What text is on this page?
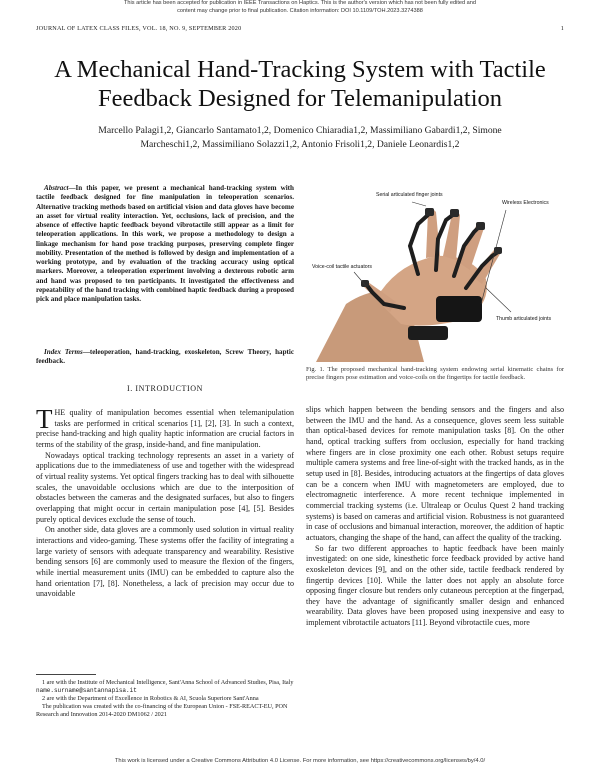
This article has been accepted for publication in IEEE Transactions on Haptics. This is the author's version which has not been fully edited and
content may change prior to final publication. Citation information: DOI 10.1109/TOH.2023.3274388
JOURNAL OF LATEX CLASS FILES, VOL. 18, NO. 9, SEPTEMBER 2020	1
A Mechanical Hand-Tracking System with Tactile
Feedback Designed for Telemanipulation
Marcello Palagi1,2, Giancarlo Santamato1,2, Domenico Chiaradia1,2, Massimiliano Gabardi1,2, Simone
Marcheschi1,2, Massimiliano Solazzi1,2, Antonio Frisoli1,2, Daniele Leonardis1,2
Abstract—In this paper, we present a mechanical hand-tracking system with tactile feedback designed for fine manipulation in teleoperation scenarios. Alternative tracking methods based on artificial vision and data gloves have become an asset for virtual reality interaction. Yet, occlusions, lack of precision, and the absence of effective haptic feedback beyond vibrotactile still appear as a limit for teleoperation applications. In this work, we propose a methodology to design a linkage mechanism for hand pose tracking purposes, preserving complete finger mobility. Presentation of the method is followed by design and implementation of a working prototype, and by evaluation of the tracking accuracy using optical markers. Moreover, a teleoperation experiment involving a dexterous robotic arm and hand was proposed to ten participants. It investigated the effectiveness and repeatability of the hand tracking with combined haptic feedback during a proposed pick and place manipulation tasks.
Index Terms—teleoperation, hand-tracking, exoskeleton, Screw Theory, haptic feedback.
Serial articulated finger joints
Wireless Electronics
Voice-coil tactile actuators
Thumb articulated joints
Fig. 1. The proposed mechanical hand-tracking system endowing serial kinematic chains for precise fingers pose estimation and voice-coils on the fingertips for tactile feedback.
I. INTRODUCTION

THE quality of manipulation becomes essential when telemanipulation tasks are performed in critical scenarios [1], [2], [3]. In such a context, precise hand-tracking and high quality haptic information are crucial factors in terms of the stability of the grasp, inside-hand, and fine manipulation.

Nowadays optical tracking technology represents an asset in a variety of applications due to the immediateness of use and together with the widespread of virtual reality systems. Yet optical fingers tracking has to deal with silhouette scales, the unavoidable occlusions which are due to the interposition of obstacles between the cameras and the designated surfaces, but also to fingers overlapping that might occur in certain manipulation pose [4], [5]. Besides purely optical devices exclude the sense of touch.

On another side, data gloves are a commonly used solution in virtual reality interactions and video-gaming. These systems offer the facility of integrating a large variety of sensors with adequate transparency and wearability. Resistive bending sensors [6] are commonly used to measure the flexion of the fingers, while inertial measurement units (IMU) can be embedded to capture also the hand orientation [7], [8]. Nonetheless, a lack of precision may occur due to unavoidable

slips which happen between the bending sensors and the fingers and also between the IMU and the hand. As a consequence, gloves seem less suitable than optical-based devices for remote manipulation tasks [8]. On the other hand, optical tracking suffers from occlusion, especially for hand tracking where fingers are in close proximity one each other. Robust setups require multiple camera systems and free line-of-sight with the tracked hands, as in the setup used in [8]. Besides, introducing actuators at the fingertips of data gloves can be a concern when IMU with magnetometers are employed, due to electromagnetic interference. A more recent technique implemented in commercial tracking systems (i.e. Ultraleap or Oculus Quest 2 hand tracking systems) is based on cameras and artificial vision. Robustness is not guaranteed in case of occlusions and bimanual interaction, moreover, the addition of haptic actuators, changing the shape of the hand, can affect the quality of the tracking.

So far two different approaches to haptic feedback have been mainly investigated: on one side, kinesthetic force feedback provided by active hand exoskeleton devices [9], and on the other side, tactile feedback rendered by fingertip devices [10]. While the latter does not apply an absolute force opposing finger closure but renders only cutaneous perception at the fingerpad, they have the advantage of significantly smaller design and enhanced wearability. Data gloves have been proposed using inexpensive and easy to implement vibrotactile actuators [11]. Beyond vibrotactile cues, more

1 are with the Institute of Mechanical Intelligence, Sant'Anna School of Advanced Studies, Pisa, Italy name.surname@santannapisa.it

2 are with the Department of Excellence in Robotics & AI, Scuola Superiore Sant'Anna

The publication was created with the co-financing of the European Union - FSE-REACT-EU, PON Research and Innovation 2014-2020 DM1062 / 2021

This work is licensed under a Creative Commons Attribution 4.0 License. For more information, see https://creativecommons.org/licenses/by/4.0/
